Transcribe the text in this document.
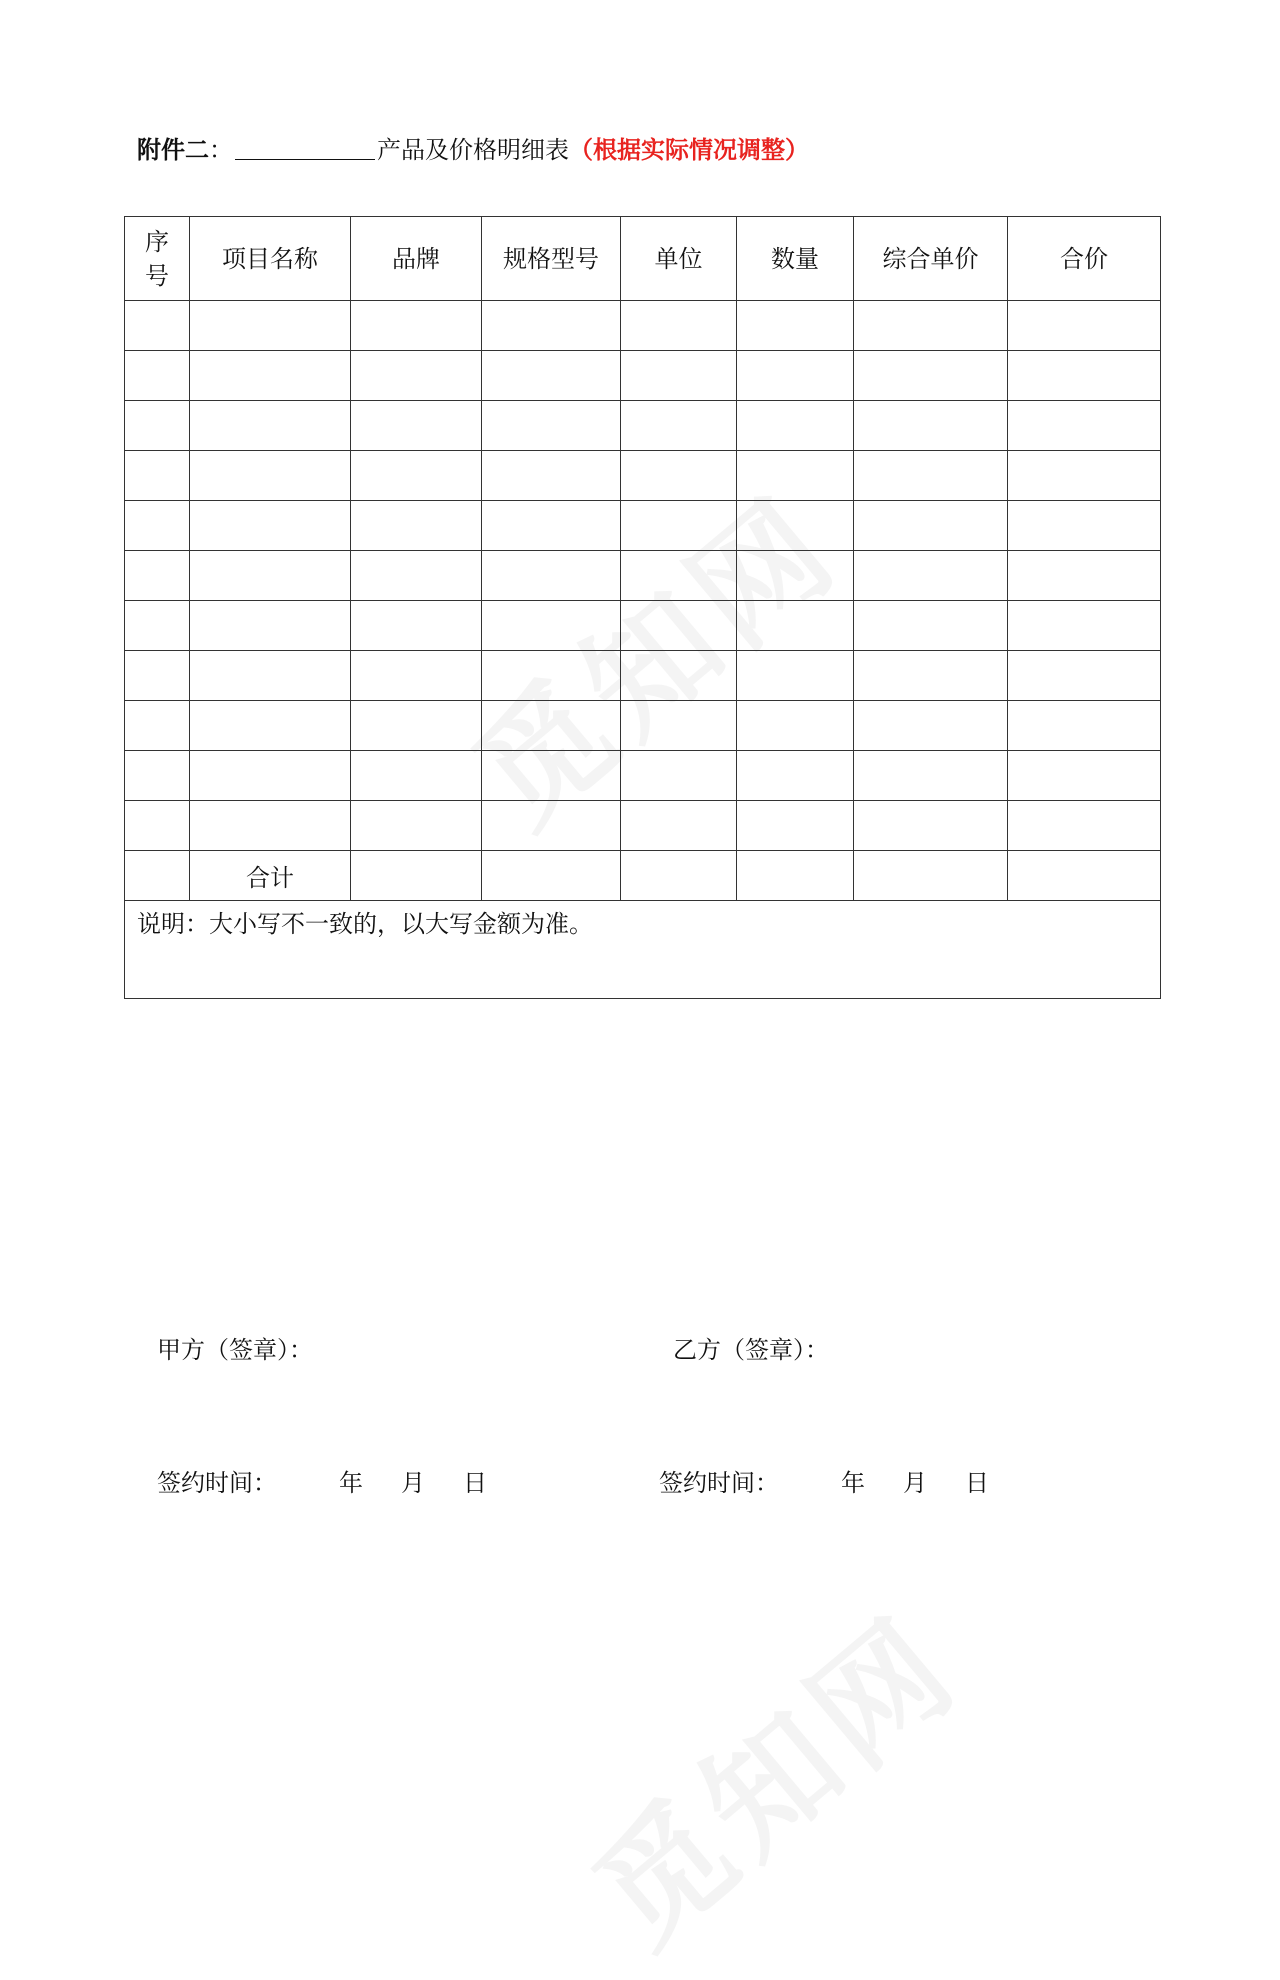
觅知网
觅知网
附件二：	产品及价格明细表（根据实际情况调整）
序号	项目名称	品牌	规格型号	单位	数量	综合单价	合价

	合计						
说明：大小写不一致的，以大写金额为准。							
甲方（签章）：	乙方（签章）：
签约时间：	年 月 日	签约时间：	年 月 日
